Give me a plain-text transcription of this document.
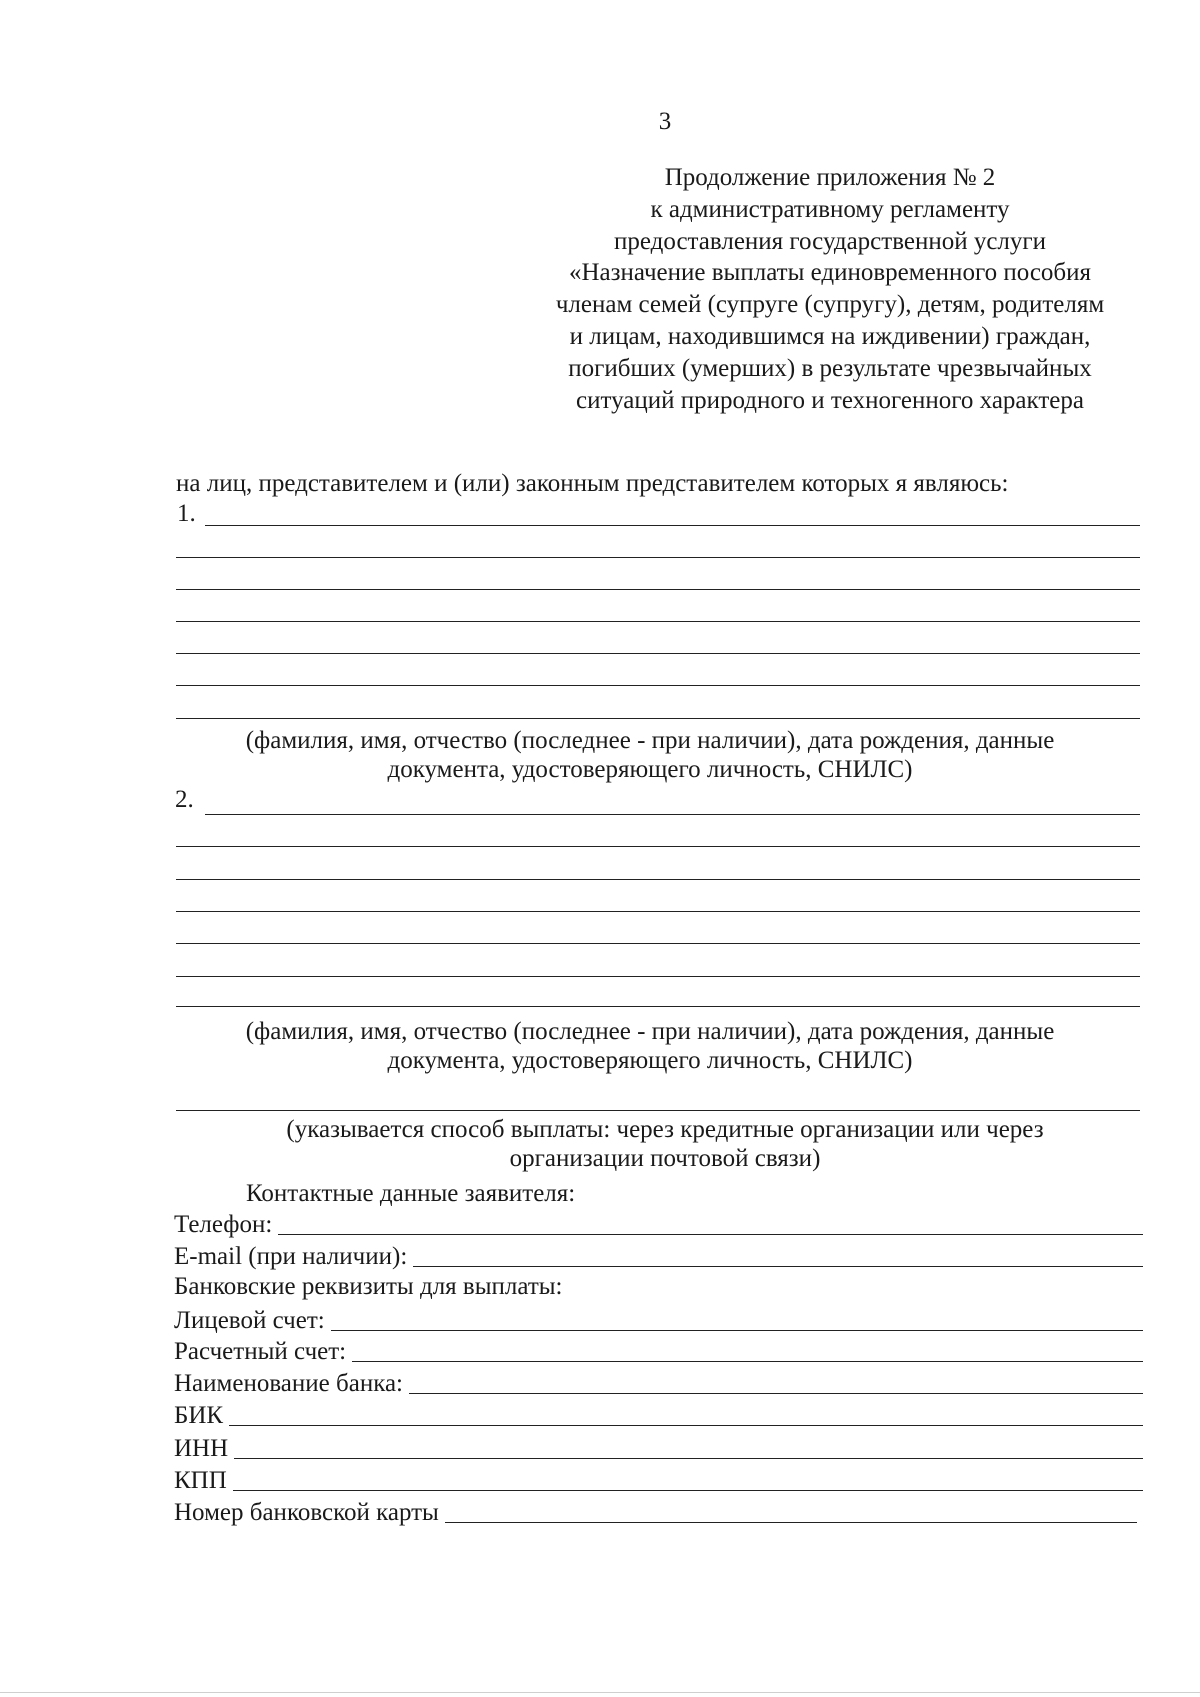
3
Продолжение приложения № 2
к административному регламенту
предоставления государственной услуги
«Назначение выплаты единовременного пособия
членам семей (супруге (супругу), детям, родителям
и лицам, находившимся на иждивении) граждан,
погибших (умерших) в результате чрезвычайных
ситуаций природного и техногенного характера
на лиц, представителем и (или) законным представителем которых я являюсь:
1.
(фамилия, имя, отчество (последнее - при наличии), дата рождения, данные
документа, удостоверяющего личность, СНИЛС)
2.
(фамилия, имя, отчество (последнее - при наличии), дата рождения, данные
документа, удостоверяющего личность, СНИЛС)
(указывается способ выплаты: через кредитные организации или через
организации почтовой связи)
Контактные данные заявителя:
Телефон:
E-mail (при наличии):
Банковские реквизиты для выплаты:
Лицевой счет:
Расчетный счет:
Наименование банка:
БИК
ИНН
КПП
Номер банковской карты
